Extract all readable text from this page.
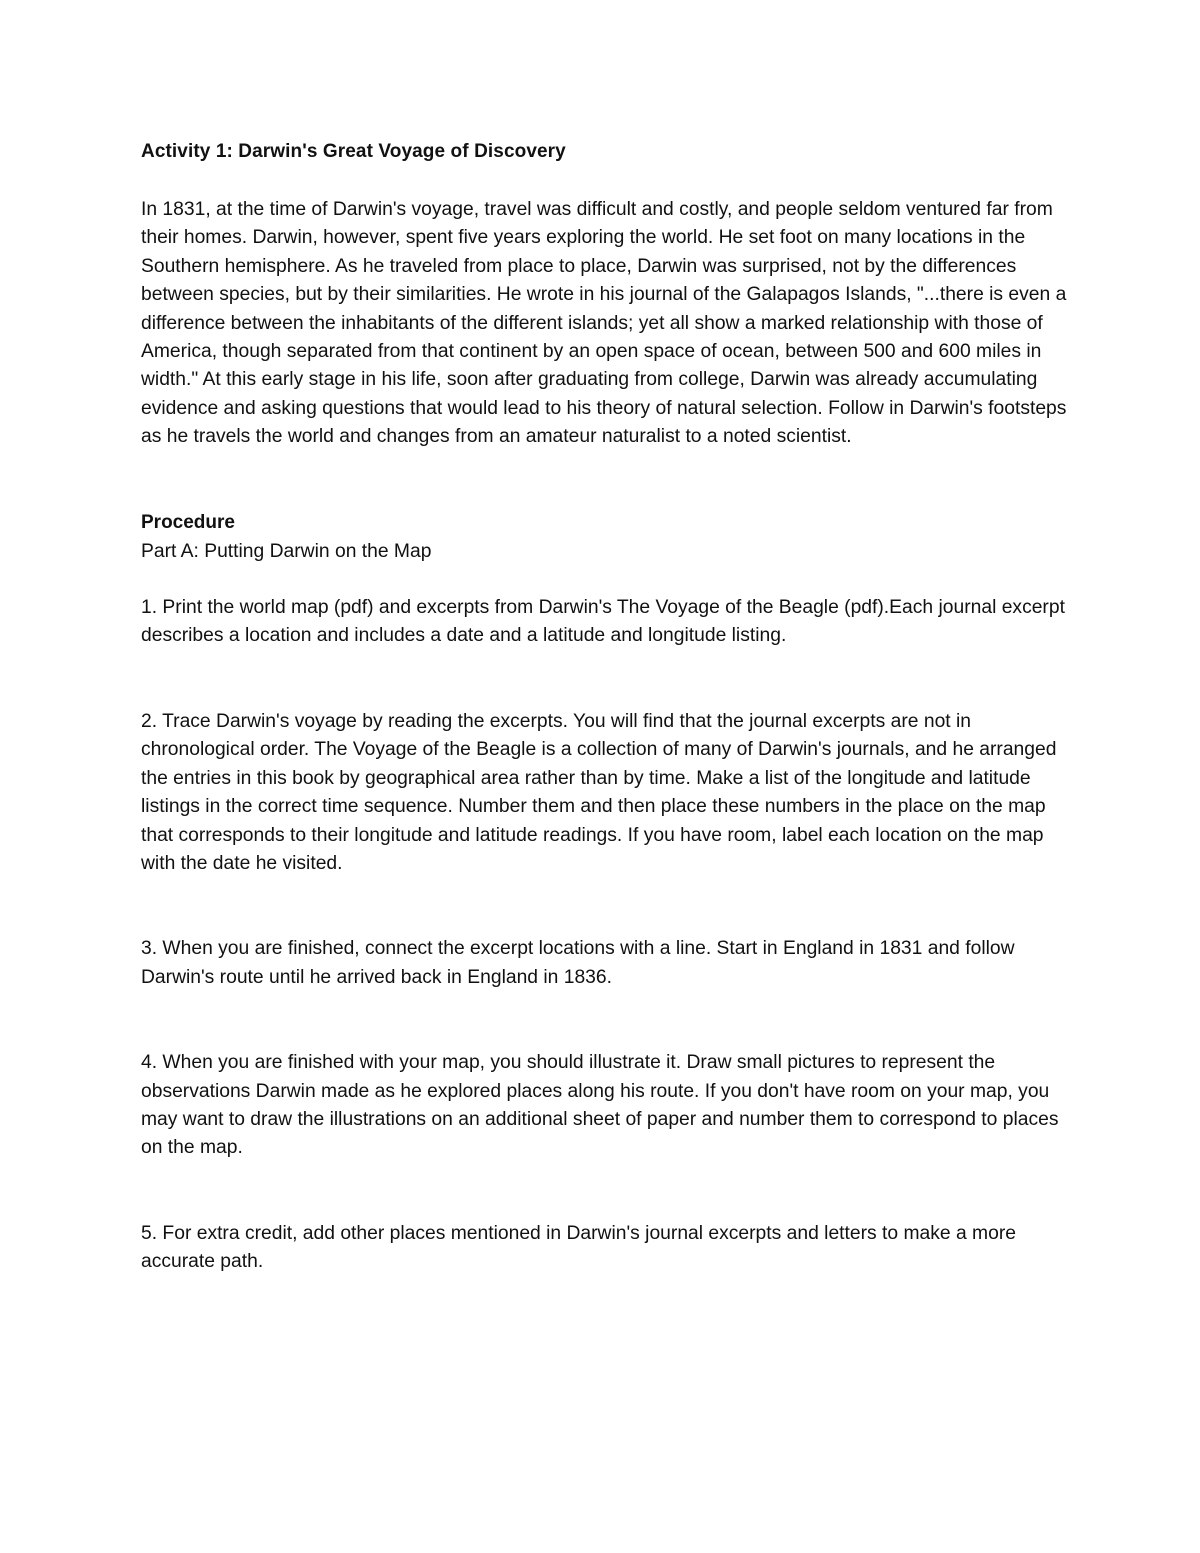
Activity 1: Darwin's Great Voyage of Discovery

In 1831, at the time of Darwin's voyage, travel was difficult and costly, and people seldom ventured far from their homes. Darwin, however, spent five years exploring the world. He set foot on many locations in the Southern hemisphere. As he traveled from place to place, Darwin was surprised, not by the differences between species, but by their similarities. He wrote in his journal of the Galapagos Islands, "...there is even a difference between the inhabitants of the different islands; yet all show a marked relationship with those of America, though separated from that continent by an open space of ocean, between 500 and 600 miles in width." At this early stage in his life, soon after graduating from college, Darwin was already accumulating evidence and asking questions that would lead to his theory of natural selection. Follow in Darwin's footsteps as he travels the world and changes from an amateur naturalist to a noted scientist.

Procedure

Part A: Putting Darwin on the Map

1. Print the world map (pdf) and excerpts from Darwin's The Voyage of the Beagle (pdf).Each journal excerpt describes a location and includes a date and a latitude and longitude listing.

2. Trace Darwin's voyage by reading the excerpts. You will find that the journal excerpts are not in chronological order. The Voyage of the Beagle is a collection of many of Darwin's journals, and he arranged the entries in this book by geographical area rather than by time. Make a list of the longitude and latitude listings in the correct time sequence. Number them and then place these numbers in the place on the map that corresponds to their longitude and latitude readings. If you have room, label each location on the map with the date he visited.

3. When you are finished, connect the excerpt locations with a line. Start in England in 1831 and follow Darwin's route until he arrived back in England in 1836.

4. When you are finished with your map, you should illustrate it. Draw small pictures to represent the observations Darwin made as he explored places along his route. If you don't have room on your map, you may want to draw the illustrations on an additional sheet of paper and number them to correspond to places on the map.

5. For extra credit, add other places mentioned in Darwin's journal excerpts and letters to make a more accurate path.
